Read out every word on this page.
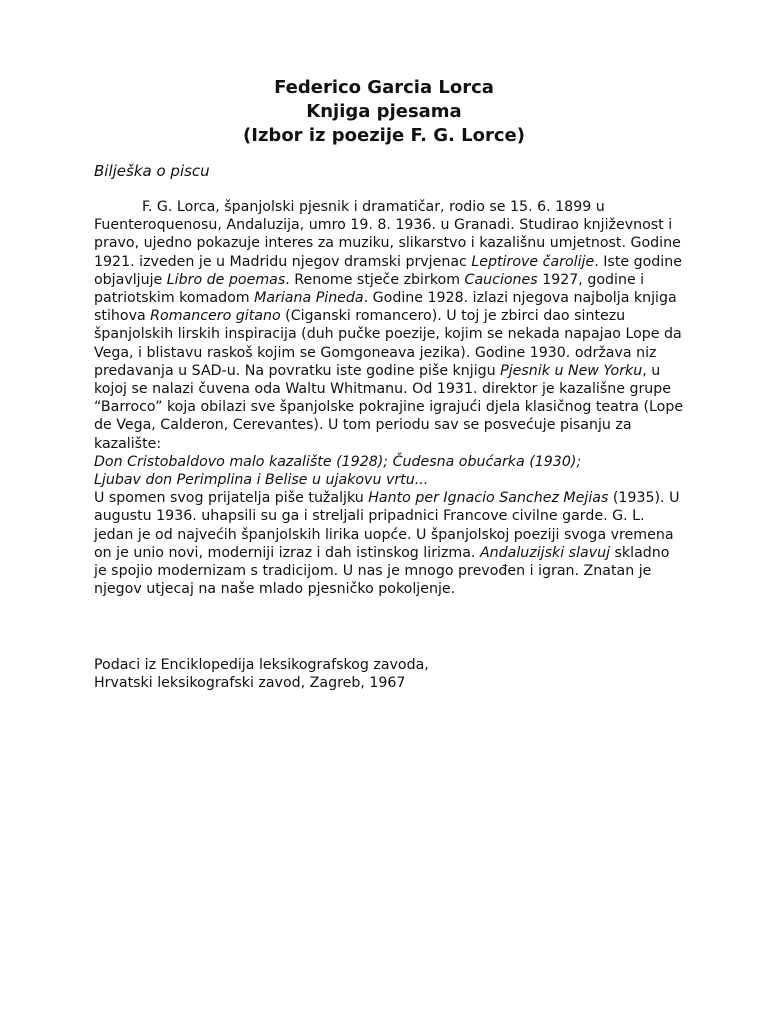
Federico Garcia Lorca

Knjiga pjesama

(Izbor iz poezije F. G. Lorce)

Bilješka o piscu

F. G. Lorca, španjolski pjesnik i dramatičar, rodio se 15. 6. 1899 u Fuenteroquenosu, Andaluzija, umro 19. 8. 1936. u Granadi. Studirao književnost i pravo, ujedno pokazuje interes za muziku, slikarstvo i kazališnu umjetnost. Godine 1921. izveden je u Madridu njegov dramski prvjenac Leptirove čarolije. Iste godine objavljuje Libro de poemas. Renome stječe zbirkom Cauciones 1927, godine i patriotskim komadom Mariana Pineda. Godine 1928. izlazi njegova najbolja knjiga stihova Romancero gitano (Ciganski romancero). U toj je zbirci dao sintezu španjolskih lirskih inspiracija (duh pučke poezije, kojim se nekada napajao Lope da Vega, i blistavu raskoš kojim se Gomgoneava jezika). Godine 1930. održava niz predavanja u SAD-u. Na povratku iste godine piše knjigu Pjesnik u New Yorku, u kojoj se nalazi čuvena oda Waltu Whitmanu. Od 1931. direktor je kazališne grupe “Barroco” koja obilazi sve španjolske pokrajine igrajući djela klasičnog teatra (Lope de Vega, Calderon, Cerevantes). U tom periodu sav se posvećuje pisanju za kazalište:

Don Cristobaldovo malo kazalište (1928); Čudesna obućarka (1930);
Ljubav don Perimplina i Belise u ujakovu vrtu...

U spomen svog prijatelja piše tužaljku Hanto per Ignacio Sanchez Mejias (1935). U augustu 1936. uhapsili su ga i streljali pripadnici Francove civilne garde. G. L. jedan je od najvećih španjolskih lirika uopće. U španjolskoj poeziji svoga vremena on je unio novi, moderniji izraz i dah istinskog lirizma. Andaluzijski slavuj skladno je spojio modernizam s tradicijom. U nas je mnogo prevođen i igran. Znatan je njegov utjecaj na naše mlado pjesničko pokoljenje.

Podaci iz Enciklopedija leksikografskog zavoda,
Hrvatski leksikografski zavod, Zagreb, 1967
